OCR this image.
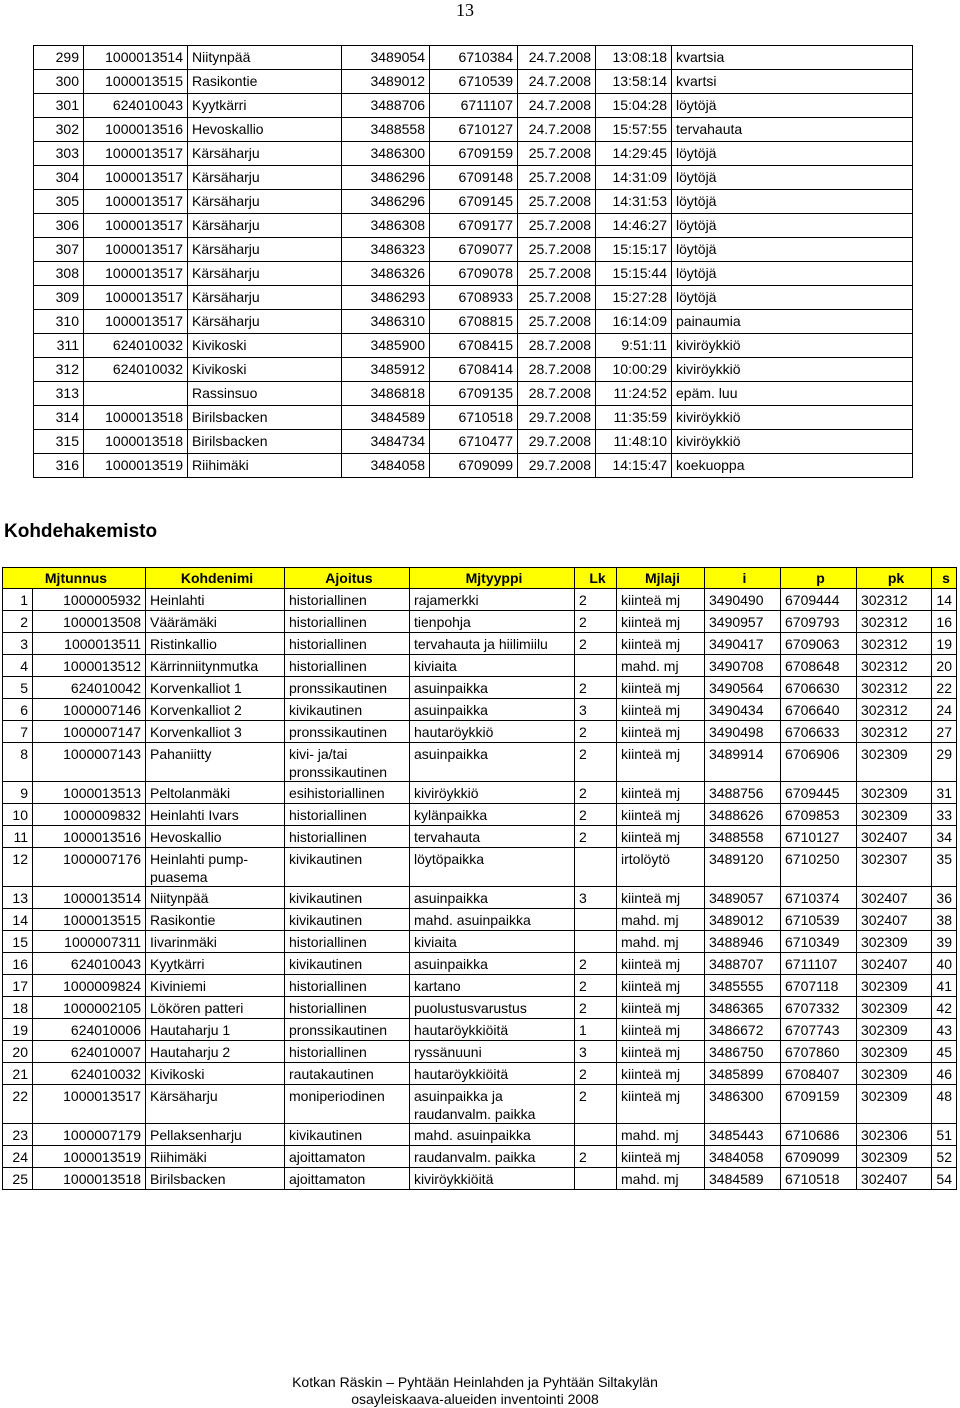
13
299	1000013514	Niitynpää	3489054	6710384	24.7.2008	13:08:18	kvartsia
300	1000013515	Rasikontie	3489012	6710539	24.7.2008	13:58:14	kvartsi
301	624010043	Kyytkärri	3488706	6711107	24.7.2008	15:04:28	löytöjä
302	1000013516	Hevoskallio	3488558	6710127	24.7.2008	15:57:55	tervahauta
303	1000013517	Kärsäharju	3486300	6709159	25.7.2008	14:29:45	löytöjä
304	1000013517	Kärsäharju	3486296	6709148	25.7.2008	14:31:09	löytöjä
305	1000013517	Kärsäharju	3486296	6709145	25.7.2008	14:31:53	löytöjä
306	1000013517	Kärsäharju	3486308	6709177	25.7.2008	14:46:27	löytöjä
307	1000013517	Kärsäharju	3486323	6709077	25.7.2008	15:15:17	löytöjä
308	1000013517	Kärsäharju	3486326	6709078	25.7.2008	15:15:44	löytöjä
309	1000013517	Kärsäharju	3486293	6708933	25.7.2008	15:27:28	löytöjä
310	1000013517	Kärsäharju	3486310	6708815	25.7.2008	16:14:09	painaumia
311	624010032	Kivikoski	3485900	6708415	28.7.2008	9:51:11	kiviröykkiö
312	624010032	Kivikoski	3485912	6708414	28.7.2008	10:00:29	kiviröykkiö
313		Rassinsuo	3486818	6709135	28.7.2008	11:24:52	epäm. luu
314	1000013518	Birilsbacken	3484589	6710518	29.7.2008	11:35:59	kiviröykkiö
315	1000013518	Birilsbacken	3484734	6710477	29.7.2008	11:48:10	kiviröykkiö
316	1000013519	Riihimäki	3484058	6709099	29.7.2008	14:15:47	koekuoppa
Kohdehakemisto
Mjtunnus		Kohdenimi	Ajoitus	Mjtyyppi	Lk	Mjlaji	i	p	pk	s
1	1000005932	Heinlahti	historiallinen	rajamerkki	2	kiinteä mj	3490490	6709444	302312	14
2	1000013508	Väärämäki	historiallinen	tienpohja	2	kiinteä mj	3490957	6709793	302312	16
3	1000013511	Ristinkallio	historiallinen	tervahauta ja hiilimiilu	2	kiinteä mj	3490417	6709063	302312	19
4	1000013512	Kärrinniitynmutka	historiallinen	kiviaita		mahd. mj	3490708	6708648	302312	20
5	624010042	Korvenkalliot 1	pronssikautinen	asuinpaikka	2	kiinteä mj	3490564	6706630	302312	22
6	1000007146	Korvenkalliot 2	kivikautinen	asuinpaikka	3	kiinteä mj	3490434	6706640	302312	24
7	1000007147	Korvenkalliot 3	pronssikautinen	hautaröykkiö	2	kiinteä mj	3490498	6706633	302312	27
8	1000007143	Pahaniitty	kivi- ja/tai pronssikautinen	asuinpaikka	2	kiinteä mj	3489914	6706906	302309	29
9	1000013513	Peltolanmäki	esihistoriallinen	kiviröykkiö	2	kiinteä mj	3488756	6709445	302309	31
10	1000009832	Heinlahti Ivars	historiallinen	kylänpaikka	2	kiinteä mj	3488626	6709853	302309	33
11	1000013516	Hevoskallio	historiallinen	tervahauta	2	kiinteä mj	3488558	6710127	302407	34
12	1000007176	Heinlahti pump-puasema	kivikautinen	löytöpaikka		irtolöytö	3489120	6710250	302307	35
13	1000013514	Niitynpää	kivikautinen	asuinpaikka	3	kiinteä mj	3489057	6710374	302407	36
14	1000013515	Rasikontie	kivikautinen	mahd. asuinpaikka		mahd. mj	3489012	6710539	302407	38
15	1000007311	Iivarinmäki	historiallinen	kiviaita		mahd. mj	3488946	6710349	302309	39
16	624010043	Kyytkärri	kivikautinen	asuinpaikka	2	kiinteä mj	3488707	6711107	302407	40
17	1000009824	Kiviniemi	historiallinen	kartano	2	kiinteä mj	3485555	6707118	302309	41
18	1000002105	Lökören patteri	historiallinen	puolustusvarustus	2	kiinteä mj	3486365	6707332	302309	42
19	624010006	Hautaharju 1	pronssikautinen	hautaröykkiöitä	1	kiinteä mj	3486672	6707743	302309	43
20	624010007	Hautaharju 2	historiallinen	ryssänuuni	3	kiinteä mj	3486750	6707860	302309	45
21	624010032	Kivikoski	rautakautinen	hautaröykkiöitä	2	kiinteä mj	3485899	6708407	302309	46
22	1000013517	Kärsäharju	moniperiodinen	asuinpaikka ja raudanvalm. paikka	2	kiinteä mj	3486300	6709159	302309	48
23	1000007179	Pellaksenharju	kivikautinen	mahd. asuinpaikka		mahd. mj	3485443	6710686	302306	51
24	1000013519	Riihimäki	ajoittamaton	raudanvalm. paikka	2	kiinteä mj	3484058	6709099	302309	52
25	1000013518	Birilsbacken	ajoittamaton	kiviröykkiöitä		mahd. mj	3484589	6710518	302407	54
Kotkan Räskin – Pyhtään Heinlahden ja Pyhtään Siltakylän
osayleiskaava-alueiden inventointi 2008
